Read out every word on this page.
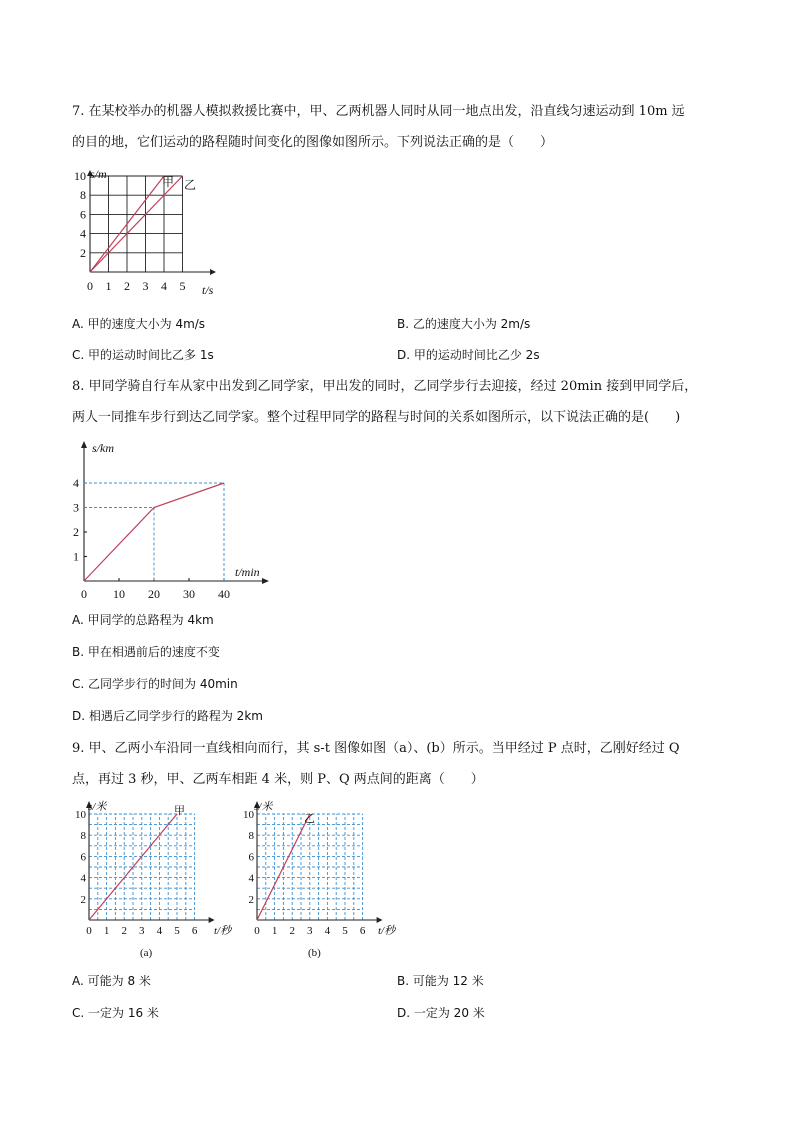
7. 在某校举办的机器人模拟救援比赛中，甲、乙两机器人同时从同一地点出发，沿直线匀速运动到 10m 远
的目的地，它们运动的路程随时间变化的图像如图所示。下列说法正确的是（　　）
0 1 2 3 4 5
2
4
6
8
10 s/m
t/s
甲 乙
A. 甲的速度大小为 4m/s	B. 乙的速度大小为 2m/s
C. 甲的运动时间比乙多 1s	D. 甲的运动时间比乙少 2s
8. 甲同学骑自行车从家中出发到乙同学家，甲出发的同时，乙同学步行去迎接，经过 20min 接到甲同学后，
两人一同推车步行到达乙同学家。整个过程甲同学的路程与时间的关系如图所示，以下说法正确的是(　　)
0 10 20 30 40
1
2
3
4
s/km
t/min
A. 甲同学的总路程为 4km
B. 甲在相遇前后的速度不变
C. 乙同学步行的时间为 40min
D. 相遇后乙同学步行的路程为 2km
9. 甲、乙两小车沿同一直线相向而行，其 s-t 图像如图（a）、(b）所示。当甲经过 P 点时，乙刚好经过 Q
点，再过 3 秒，甲、乙两车相距 4 米，则 P、Q 两点间的距离（　　）
0 1 2 3 4 5 6
2
4
6
8
10
s/米
t/秒
甲
(a)
0 1 2 3 4 5 6
2
4
6
8
10
s/米
t/秒
乙
(b)
A. 可能为 8 米	B. 可能为 12 米
C. 一定为 16 米	D. 一定为 20 米
